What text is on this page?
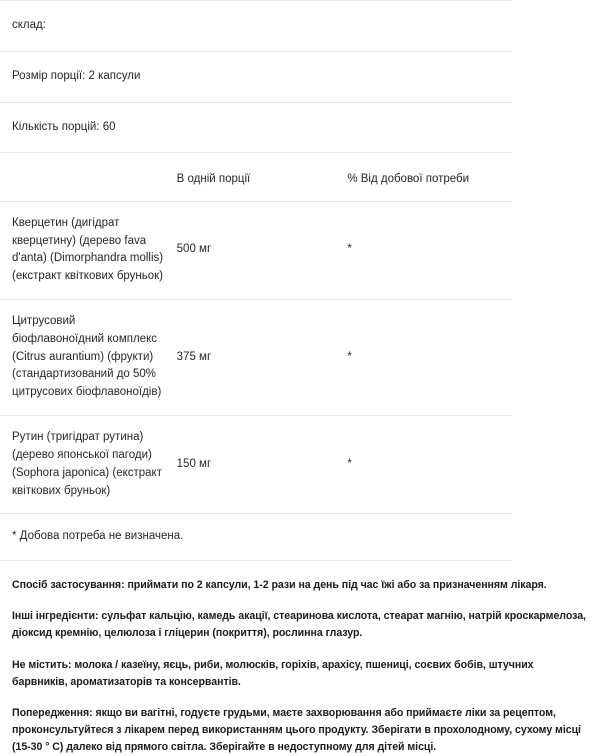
склад:		
Розмір порції: 2 капсули		
Кількість порцій: 60		
	В одній порції	% Від добової потреби
Кверцетин (дигідрат кверцетину) (дерево fava d'anta) (Dimorphandra mollis) (екстракт квіткових бруньок)	500 мг	*
Цитрусовий біофлавоноїдний комплекс (Citrus aurantium) (фрукти) (стандартизований до 50% цитрусових біофлавоноїдів)	375 мг	*
Рутин (тригідрат рутина) (дерево японської пагоди) (Sophora japonica) (екстракт квіткових бруньок)	150 мг	*
* Добова потреба не визначена.		

Спосіб застосування: приймати по 2 капсули, 1-2 рази на день під час їжі або за призначенням лікаря.

Інші інгредієнти: сульфат кальцію, камедь акації, стеаринова кислота, стеарат магнію, натрій кроскармелоза, діоксид кремнію, целюлоза і гліцерин (покриття), рослинна глазур.

Не містить: молока / казеїну, яєць, риби, молюсків, горіхів, арахісу, пшениці, соєвих бобів, штучних барвників, ароматизаторів та консервантів.

Попередження: якщо ви вагітні, годуєте грудьми, маєте захворювання або приймаєте ліки за рецептом, проконсультуйтеся з лікарем перед використанням цього продукту. Зберігати в прохолодному, сухому місці (15-30 ° C) далеко від прямого світла. Зберігайте в недоступному для дітей місці.
